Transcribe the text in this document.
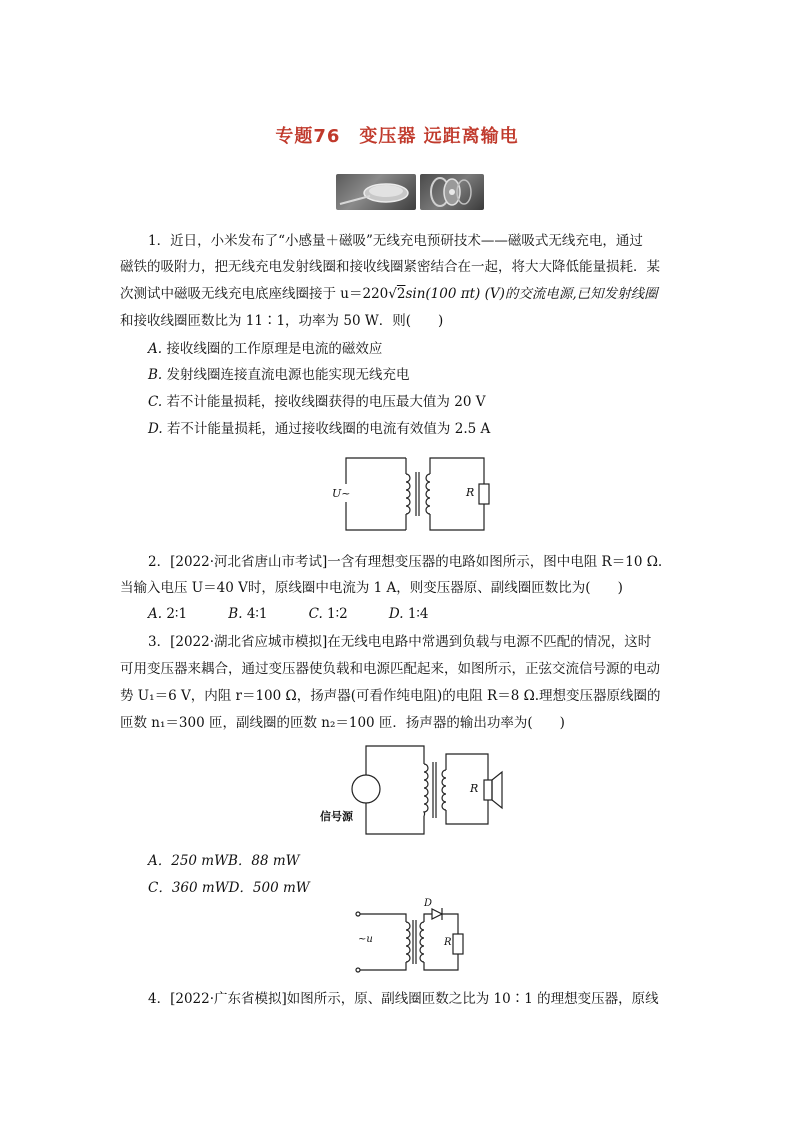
专题76 变压器 远距离输电

1．近日，小米发布了“小感量＋磁吸”无线充电预研技术——磁吸式无线充电，通过

磁铁的吸附力，把无线充电发射线圈和接收线圈紧密结合在一起，将大大降低能量损耗．某

次测试中磁吸无线充电底座线圈接于 u＝220√2sin(100 πt) (V)的交流电源,已知发射线圈

和接收线圈匝数比为 11∶1，功率为 50 W．则(　　)

A. 接收线圈的工作原理是电流的磁效应
B. 发射线圈连接直流电源也能实现无线充电
C. 若不计能量损耗，接收线圈获得的电压最大值为 20 V
D. 若不计能量损耗，通过接收线圈的电流有效值为 2.5 A
U~	R

2．[2022·河北省唐山市考试]一含有理想变压器的电路如图所示，图中电阻 R＝10 Ω.

当输入电压 U＝40 V时，原线圈中电流为 1 A，则变压器原、副线圈匝数比为(　　)

A. 2∶1	B. 4∶1	C. 1∶2	D. 1∶4

3．[2022·湖北省应城市模拟]在无线电电路中常遇到负载与电源不匹配的情况，这时

可用变压器来耦合，通过变压器使负载和电源匹配起来，如图所示，正弦交流信号源的电动

势 U₁＝6 V，内阻 r＝100 Ω，扬声器(可看作纯电阻)的电阻 R＝8 Ω.理想变压器原线圈的

匝数 n₁＝300 匝，副线圈的匝数 n₂＝100 匝．扬声器的输出功率为(　　)

信号源
R
A．250 mWB．88 mW
C．360 mWD．500 mW
~u
D
R

4．[2022·广东省模拟]如图所示，原、副线圈匝数之比为 10∶1 的理想变压器，原线
